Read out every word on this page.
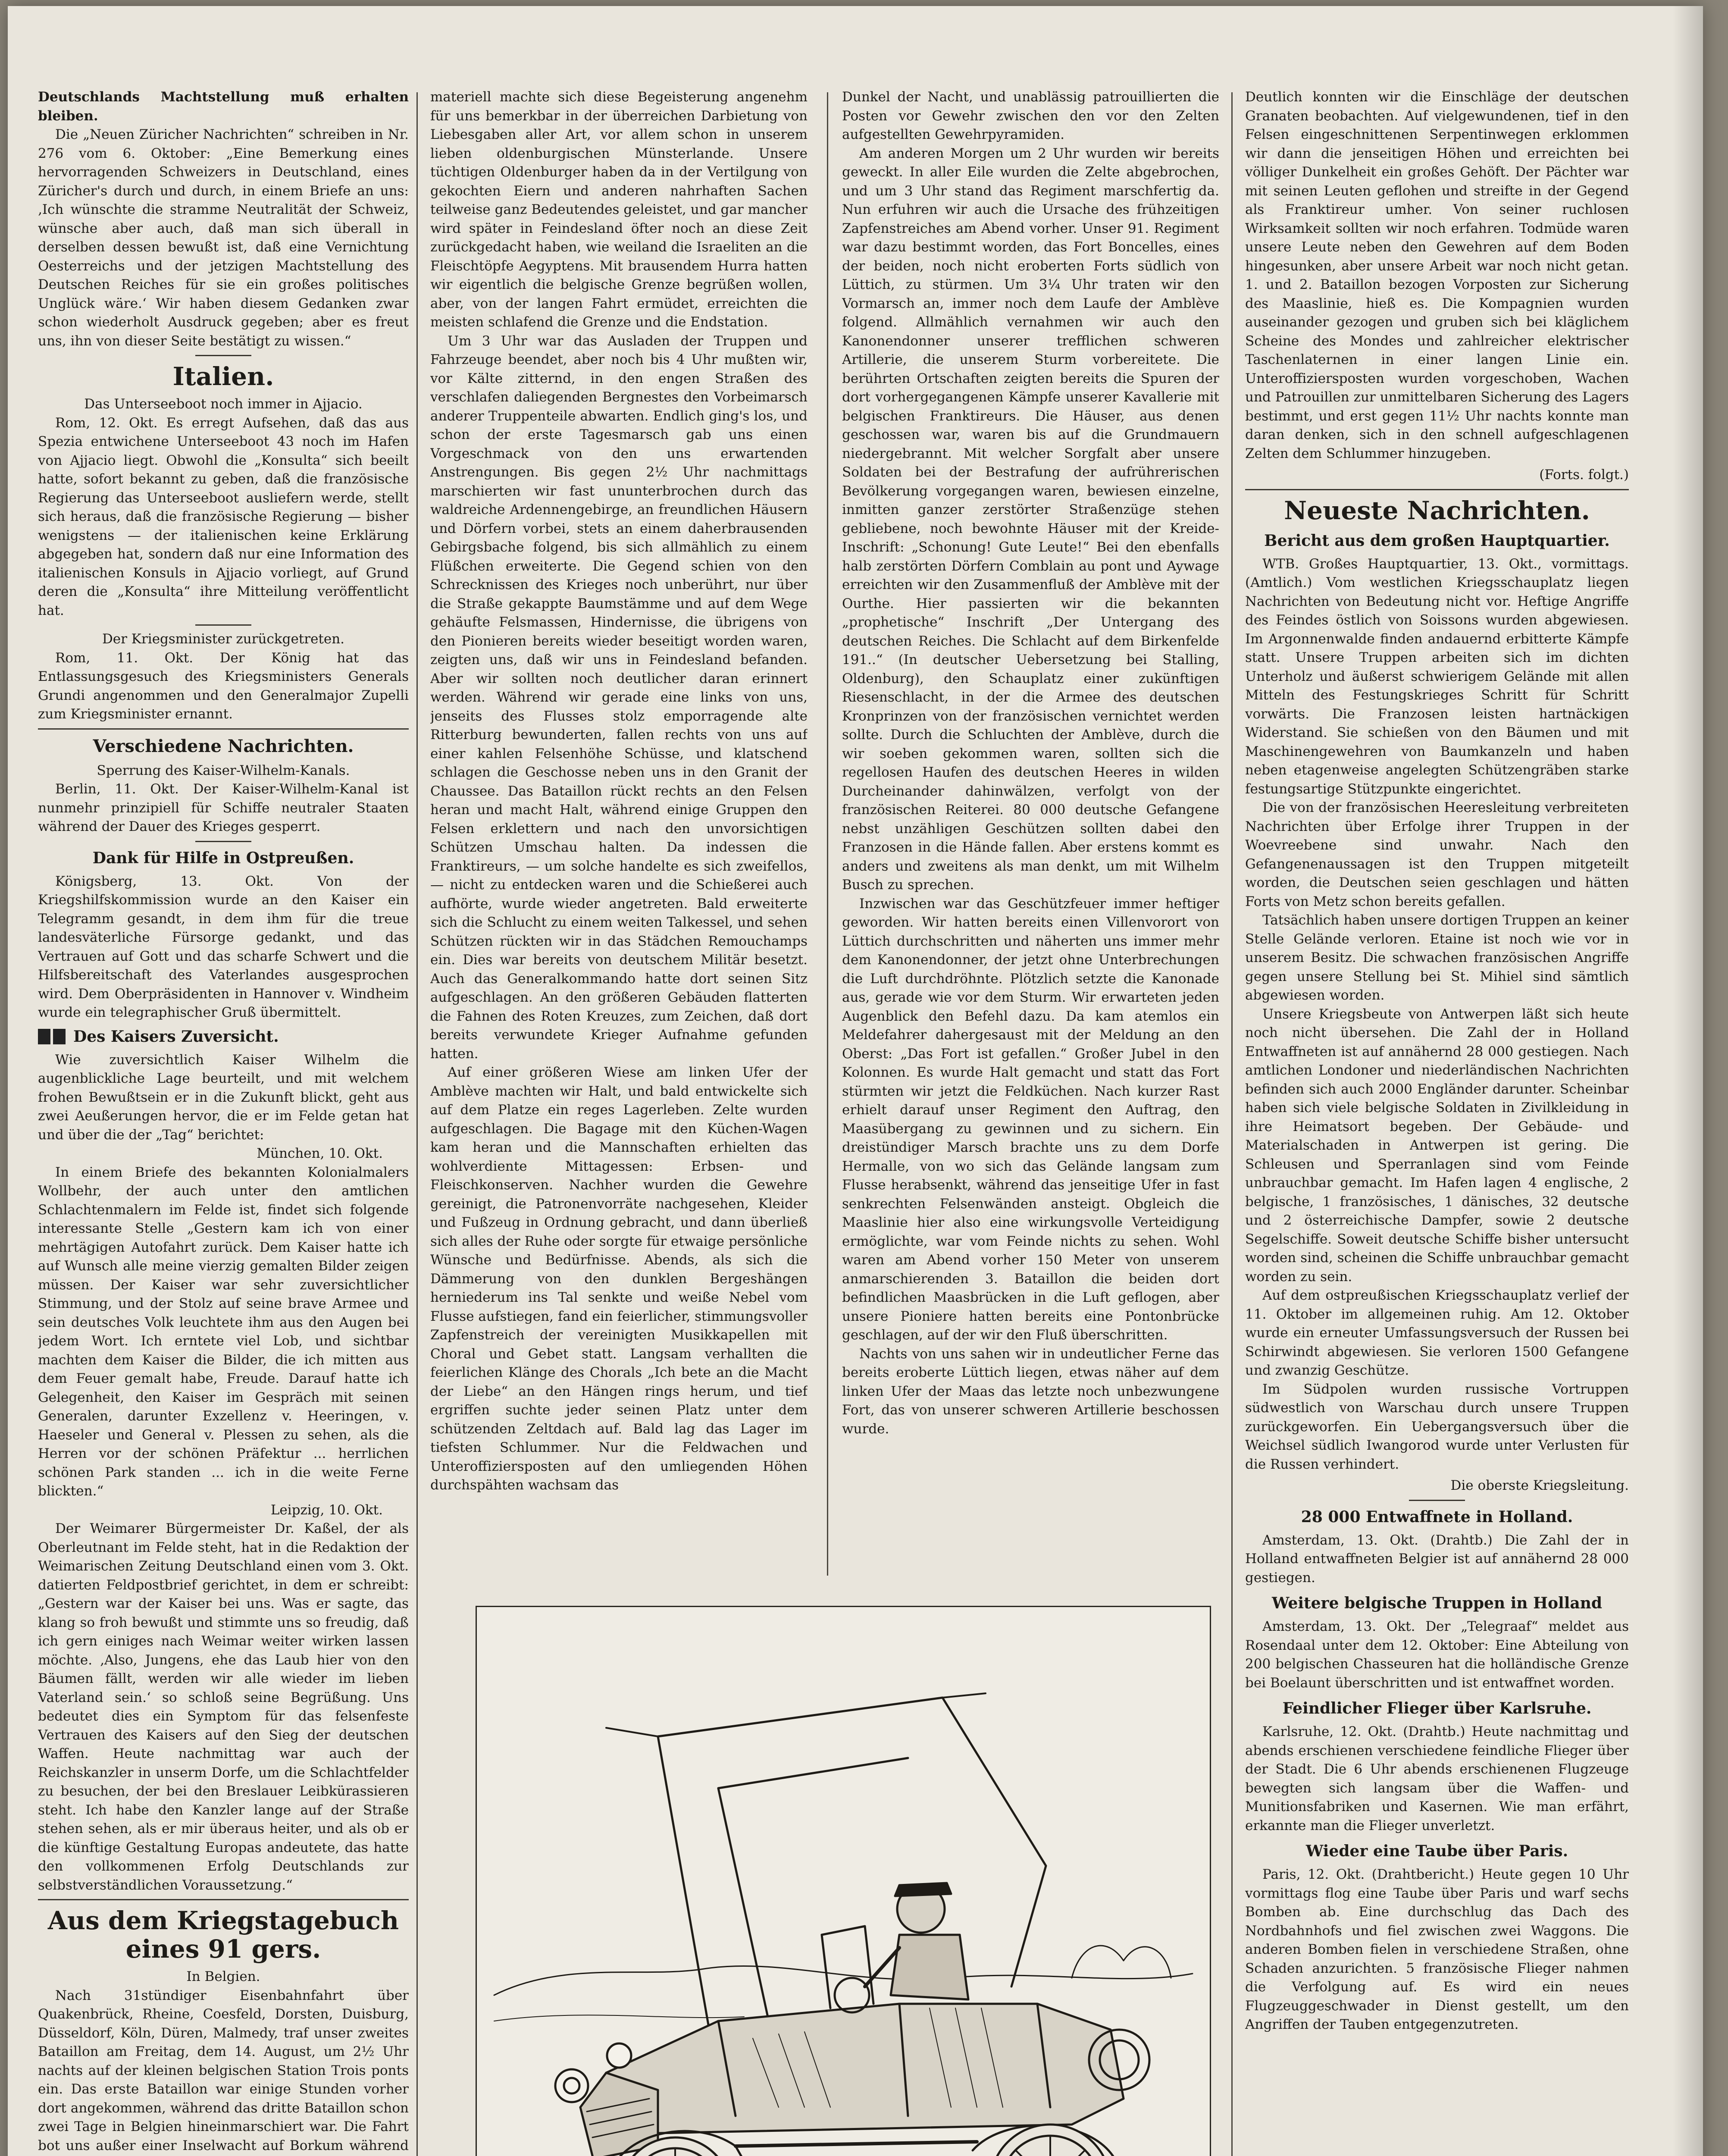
Deutschlands Machtstellung muß erhalten bleiben.

Die „Neuen Züricher Nachrichten“ schreiben in Nr. 276 vom 6. Oktober: „Eine Bemerkung eines hervorragenden Schweizers in Deutschland, eines Züricher's durch und durch, in einem Briefe an uns: ‚Ich wünschte die stramme Neutralität der Schweiz, wünsche aber auch, daß man sich überall in derselben dessen bewußt ist, daß eine Vernichtung Oesterreichs und der jetzigen Machtstellung des Deutschen Reiches für sie ein großes politisches Unglück wäre.‘ Wir haben diesem Gedanken zwar schon wiederholt Ausdruck gegeben; aber es freut uns, ihn von dieser Seite bestätigt zu wissen.“

Italien.

Das Unterseeboot noch immer in Ajjacio.

Rom, 12. Okt. Es erregt Aufsehen, daß das aus Spezia entwichene Unterseeboot 43 noch im Hafen von Ajjacio liegt. Obwohl die „Konsulta“ sich beeilt hatte, sofort bekannt zu geben, daß die französische Regierung das Unterseeboot ausliefern werde, stellt sich heraus, daß die französische Regierung — bisher wenigstens — der italienischen keine Erklärung abgegeben hat, sondern daß nur eine Information des italienischen Konsuls in Ajjacio vorliegt, auf Grund deren die „Konsulta“ ihre Mitteilung veröffentlicht hat.

Der Kriegsminister zurückgetreten.

Rom, 11. Okt. Der König hat das Entlassungsgesuch des Kriegsministers Generals Grundi angenommen und den Generalmajor Zupelli zum Kriegsminister ernannt.

Verschiedene Nachrichten.

Sperrung des Kaiser-Wilhelm-Kanals.

Berlin, 11. Okt. Der Kaiser-Wilhelm-Kanal ist nunmehr prinzipiell für Schiffe neutraler Staaten während der Dauer des Krieges gesperrt.

Dank für Hilfe in Ostpreußen.

Königsberg, 13. Okt. Von der Kriegshilfskommission wurde an den Kaiser ein Telegramm gesandt, in dem ihm für die treue landesväterliche Fürsorge gedankt, und das Vertrauen auf Gott und das scharfe Schwert und die Hilfsbereitschaft des Vaterlandes ausgesprochen wird. Dem Oberpräsidenten in Hannover v. Windheim wurde ein telegraphischer Gruß übermittelt.

Des Kaisers Zuversicht.

Wie zuversichtlich Kaiser Wilhelm die augenblickliche Lage beurteilt, und mit welchem frohen Bewußtsein er in die Zukunft blickt, geht aus zwei Aeußerungen hervor, die er im Felde getan hat und über die der „Tag“ berichtet:

München, 10. Okt.

In einem Briefe des bekannten Kolonialmalers Wollbehr, der auch unter den amtlichen Schlachtenmalern im Felde ist, findet sich folgende interessante Stelle „Gestern kam ich von einer mehrtägigen Autofahrt zurück. Dem Kaiser hatte ich auf Wunsch alle meine vierzig gemalten Bilder zeigen müssen. Der Kaiser war sehr zuversichtlicher Stimmung, und der Stolz auf seine brave Armee und sein deutsches Volk leuchtete ihm aus den Augen bei jedem Wort. Ich erntete viel Lob, und sichtbar machten dem Kaiser die Bilder, die ich mitten aus dem Feuer gemalt habe, Freude. Darauf hatte ich Gelegenheit, den Kaiser im Gespräch mit seinen Generalen, darunter Exzellenz v. Heeringen, v. Haeseler und General v. Plessen zu sehen, als die Herren vor der schönen Präfektur ... herrlichen schönen Park standen ... ich in die weite Ferne blickten.“

Leipzig, 10. Okt.

Der Weimarer Bürgermeister Dr. Kaßel, der als Oberleutnant im Felde steht, hat in die Redaktion der Weimarischen Zeitung Deutschland einen vom 3. Okt. datierten Feldpostbrief gerichtet, in dem er schreibt: „Gestern war der Kaiser bei uns. Was er sagte, das klang so froh bewußt und stimmte uns so freudig, daß ich gern einiges nach Weimar weiter wirken lassen möchte. ‚Also, Jungens, ehe das Laub hier von den Bäumen fällt, werden wir alle wieder im lieben Vaterland sein.‘ so schloß seine Begrüßung. Uns bedeutet dies ein Symptom für das felsenfeste Vertrauen des Kaisers auf den Sieg der deutschen Waffen. Heute nachmittag war auch der Reichskanzler in unserm Dorfe, um die Schlachtfelder zu besuchen, der bei den Breslauer Leibkürassieren steht. Ich habe den Kanzler lange auf der Straße stehen sehen, als er mir überaus heiter, und als ob er die künftige Gestaltung Europas andeutete, das hatte den vollkommenen Erfolg Deutschlands zur selbstverständlichen Voraussetzung.“

Aus dem Kriegstagebuch
eines 91 gers.

In Belgien.

Nach 31stündiger Eisenbahnfahrt über Quakenbrück, Rheine, Coesfeld, Dorsten, Duisburg, Düsseldorf, Köln, Düren, Malmedy, traf unser zweites Bataillon am Freitag, dem 14. August, um 2½ Uhr nachts auf der kleinen belgischen Station Trois ponts ein. Das erste Bataillon war einige Stunden vorher dort angekommen, während das dritte Bataillon schon zwei Tage in Belgien hineinmarschiert war. Die Fahrt bot uns außer einer Inselwacht auf Borkum während

materiell machte sich diese Begeisterung angenehm für uns bemerkbar in der überreichen Darbietung von Liebesgaben aller Art, vor allem schon in unserem lieben oldenburgischen Münsterlande. Unsere tüchtigen Oldenburger haben da in der Vertilgung von gekochten Eiern und anderen nahrhaften Sachen teilweise ganz Bedeutendes geleistet, und gar mancher wird später in Feindesland öfter noch an diese Zeit zurückgedacht haben, wie weiland die Israeliten an die Fleischtöpfe Aegyptens. Mit brausendem Hurra hatten wir eigentlich die belgische Grenze begrüßen wollen, aber, von der langen Fahrt ermüdet, erreichten die meisten schlafend die Grenze und die Endstation.

Um 3 Uhr war das Ausladen der Truppen und Fahrzeuge beendet, aber noch bis 4 Uhr mußten wir, vor Kälte zitternd, in den engen Straßen des verschlafen daliegenden Bergnestes den Vorbeimarsch anderer Truppenteile abwarten. Endlich ging's los, und schon der erste Tagesmarsch gab uns einen Vorgeschmack von den uns erwartenden Anstrengungen. Bis gegen 2½ Uhr nachmittags marschierten wir fast ununterbrochen durch das waldreiche Ardennengebirge, an freundlichen Häusern und Dörfern vorbei, stets an einem daherbrausenden Gebirgsbache folgend, bis sich allmählich zu einem Flüßchen erweiterte. Die Gegend schien von den Schrecknissen des Krieges noch unberührt, nur über die Straße gekappte Baumstämme und auf dem Wege gehäufte Felsmassen, Hindernisse, die übrigens von den Pionieren bereits wieder beseitigt worden waren, zeigten uns, daß wir uns in Feindesland befanden. Aber wir sollten noch deutlicher daran erinnert werden. Während wir gerade eine links von uns, jenseits des Flusses stolz emporragende alte Ritterburg bewunderten, fallen rechts von uns auf einer kahlen Felsenhöhe Schüsse, und klatschend schlagen die Geschosse neben uns in den Granit der Chaussee. Das Bataillon rückt rechts an den Felsen heran und macht Halt, während einige Gruppen den Felsen erklettern und nach den unvorsichtigen Schützen Umschau halten. Da indessen die Franktireurs, — um solche handelte es sich zweifellos, — nicht zu entdecken waren und die Schießerei auch aufhörte, wurde wieder angetreten. Bald erweiterte sich die Schlucht zu einem weiten Talkessel, und sehen Schützen rückten wir in das Städchen Remouchamps ein. Dies war bereits von deutschem Militär besetzt. Auch das Generalkommando hatte dort seinen Sitz aufgeschlagen. An den größeren Gebäuden flatterten die Fahnen des Roten Kreuzes, zum Zeichen, daß dort bereits verwundete Krieger Aufnahme gefunden hatten.

Auf einer größeren Wiese am linken Ufer der Amblève machten wir Halt, und bald entwickelte sich auf dem Platze ein reges Lagerleben. Zelte wurden aufgeschlagen. Die Bagage mit den Küchen-Wagen kam heran und die Mannschaften erhielten das wohlverdiente Mittagessen: Erbsen- und Fleischkonserven. Nachher wurden die Gewehre gereinigt, die Patronenvorräte nachgesehen, Kleider und Fußzeug in Ordnung gebracht, und dann überließ sich alles der Ruhe oder sorgte für etwaige persönliche Wünsche und Bedürfnisse. Abends, als sich die Dämmerung von den dunklen Bergeshängen herniederum ins Tal senkte und weiße Nebel vom Flusse aufstiegen, fand ein feierlicher, stimmungsvoller Zapfenstreich der vereinigten Musikkapellen mit Choral und Gebet statt. Langsam verhallten die feierlichen Klänge des Chorals „Ich bete an die Macht der Liebe“ an den Hängen rings herum, und tief ergriffen suchte jeder seinen Platz unter dem schützenden Zeltdach auf. Bald lag das Lager im tiefsten Schlummer. Nur die Feldwachen und Unteroffiziersposten auf den umliegenden Höhen durchspähten wachsam das

Dunkel der Nacht, und unablässig patrouillierten die Posten vor Gewehr zwischen den vor den Zelten aufgestellten Gewehrpyramiden.

Am anderen Morgen um 2 Uhr wurden wir bereits geweckt. In aller Eile wurden die Zelte abgebrochen, und um 3 Uhr stand das Regiment marschfertig da. Nun erfuhren wir auch die Ursache des frühzeitigen Zapfenstreiches am Abend vorher. Unser 91. Regiment war dazu bestimmt worden, das Fort Boncelles, eines der beiden, noch nicht eroberten Forts südlich von Lüttich, zu stürmen. Um 3¼ Uhr traten wir den Vormarsch an, immer noch dem Laufe der Amblève folgend. Allmählich vernahmen wir auch den Kanonendonner unserer trefflichen schweren Artillerie, die unserem Sturm vorbereitete. Die berührten Ortschaften zeigten bereits die Spuren der dort vorhergegangenen Kämpfe unserer Kavallerie mit belgischen Franktireurs. Die Häuser, aus denen geschossen war, waren bis auf die Grundmauern niedergebrannt. Mit welcher Sorgfalt aber unsere Soldaten bei der Bestrafung der aufrührerischen Bevölkerung vorgegangen waren, bewiesen einzelne, inmitten ganzer zerstörter Straßenzüge stehen gebliebene, noch bewohnte Häuser mit der Kreide-Inschrift: „Schonung! Gute Leute!“ Bei den ebenfalls halb zerstörten Dörfern Comblain au pont und Aywage erreichten wir den Zusammenfluß der Amblève mit der Ourthe. Hier passierten wir die bekannten „prophetische“ Inschrift „Der Untergang des deutschen Reiches. Die Schlacht auf dem Birkenfelde 191..“ (In deutscher Uebersetzung bei Stalling, Oldenburg), den Schauplatz einer zukünftigen Riesenschlacht, in der die Armee des deutschen Kronprinzen von der französischen vernichtet werden sollte. Durch die Schluchten der Amblève, durch die wir soeben gekommen waren, sollten sich die regellosen Haufen des deutschen Heeres in wilden Durcheinander dahinwälzen, verfolgt von der französischen Reiterei. 80 000 deutsche Gefangene nebst unzähligen Geschützen sollten dabei den Franzosen in die Hände fallen. Aber erstens kommt es anders und zweitens als man denkt, um mit Wilhelm Busch zu sprechen.

Inzwischen war das Geschützfeuer immer heftiger geworden. Wir hatten bereits einen Villenvorort von Lüttich durchschritten und näherten uns immer mehr dem Kanonendonner, der jetzt ohne Unterbrechungen die Luft durchdröhnte. Plötzlich setzte die Kanonade aus, gerade wie vor dem Sturm. Wir erwarteten jeden Augenblick den Befehl dazu. Da kam atemlos ein Meldefahrer dahergesaust mit der Meldung an den Oberst: „Das Fort ist gefallen.“ Großer Jubel in den Kolonnen. Es wurde Halt gemacht und statt das Fort stürmten wir jetzt die Feldküchen. Nach kurzer Rast erhielt darauf unser Regiment den Auftrag, den Maasübergang zu gewinnen und zu sichern. Ein dreistündiger Marsch brachte uns zu dem Dorfe Hermalle, von wo sich das Gelände langsam zum Flusse herabsenkt, während das jenseitige Ufer in fast senkrechten Felsenwänden ansteigt. Obgleich die Maaslinie hier also eine wirkungsvolle Verteidigung ermöglichte, war vom Feinde nichts zu sehen. Wohl waren am Abend vorher 150 Meter von unserem anmarschierenden 3. Bataillon die beiden dort befindlichen Maasbrücken in die Luft geflogen, aber unsere Pioniere hatten bereits eine Pontonbrücke geschlagen, auf der wir den Fluß überschritten.

Nachts von uns sahen wir in undeutlicher Ferne das bereits eroberte Lüttich liegen, etwas näher auf dem linken Ufer der Maas das letzte noch unbezwungene Fort, das von unserer schweren Artillerie beschossen wurde.

Deutlich konnten wir die Einschläge der deutschen Granaten beobachten. Auf vielgewundenen, tief in den Felsen eingeschnittenen Serpentinwegen erklommen wir dann die jenseitigen Höhen und erreichten bei völliger Dunkelheit ein großes Gehöft. Der Pächter war mit seinen Leuten geflohen und streifte in der Gegend als Franktireur umher. Von seiner ruchlosen Wirksamkeit sollten wir noch erfahren. Todmüde waren unsere Leute neben den Gewehren auf dem Boden hingesunken, aber unsere Arbeit war noch nicht getan. 1. und 2. Bataillon bezogen Vorposten zur Sicherung des Maaslinie, hieß es. Die Kompagnien wurden auseinander gezogen und gruben sich bei kläglichem Scheine des Mondes und zahlreicher elektrischer Taschenlaternen in einer langen Linie ein. Unteroffiziersposten wurden vorgeschoben, Wachen und Patrouillen zur unmittelbaren Sicherung des Lagers bestimmt, und erst gegen 11½ Uhr nachts konnte man daran denken, sich in den schnell aufgeschlagenen Zelten dem Schlummer hinzugeben.

(Forts. folgt.)

Neueste Nachrichten.
Bericht aus dem großen Hauptquartier.

WTB. Großes Hauptquartier, 13. Okt., vormittags. (Amtlich.) Vom westlichen Kriegsschauplatz liegen Nachrichten von Bedeutung nicht vor. Heftige Angriffe des Feindes östlich von Soissons wurden abgewiesen. Im Argonnenwalde finden andauernd erbitterte Kämpfe statt. Unsere Truppen arbeiten sich im dichten Unterholz und äußerst schwierigem Gelände mit allen Mitteln des Festungskrieges Schritt für Schritt vorwärts. Die Franzosen leisten hartnäckigen Widerstand. Sie schießen von den Bäumen und mit Maschinengewehren von Baumkanzeln und haben neben etagenweise angelegten Schützengräben starke festungsartige Stützpunkte eingerichtet.

Die von der französischen Heeresleitung verbreiteten Nachrichten über Erfolge ihrer Truppen in der Woevreebene sind unwahr. Nach den Gefangenenaussagen ist den Truppen mitgeteilt worden, die Deutschen seien geschlagen und hätten Forts von Metz schon bereits gefallen.

Tatsächlich haben unsere dortigen Truppen an keiner Stelle Gelände verloren. Etaine ist noch wie vor in unserem Besitz. Die schwachen französischen Angriffe gegen unsere Stellung bei St. Mihiel sind sämtlich abgewiesen worden.

Unsere Kriegsbeute von Antwerpen läßt sich heute noch nicht übersehen. Die Zahl der in Holland Entwaffneten ist auf annähernd 28 000 gestiegen. Nach amtlichen Londoner und niederländischen Nachrichten befinden sich auch 2000 Engländer darunter. Scheinbar haben sich viele belgische Soldaten in Zivilkleidung in ihre Heimatsort begeben. Der Gebäude- und Materialschaden in Antwerpen ist gering. Die Schleusen und Sperranlagen sind vom Feinde unbrauchbar gemacht. Im Hafen lagen 4 englische, 2 belgische, 1 französisches, 1 dänisches, 32 deutsche und 2 österreichische Dampfer, sowie 2 deutsche Segelschiffe. Soweit deutsche Schiffe bisher untersucht worden sind, scheinen die Schiffe unbrauchbar gemacht worden zu sein.

Auf dem ostpreußischen Kriegsschauplatz verlief der 11. Oktober im allgemeinen ruhig. Am 12. Oktober wurde ein erneuter Umfassungsversuch der Russen bei Schirwindt abgewiesen. Sie verloren 1500 Gefangene und zwanzig Geschütze.

Im Südpolen wurden russische Vortruppen südwestlich von Warschau durch unsere Truppen zurückgeworfen. Ein Uebergangsversuch über die Weichsel südlich Iwangorod wurde unter Verlusten für die Russen verhindert.

Die oberste Kriegsleitung.

28 000 Entwaffnete in Holland.

Amsterdam, 13. Okt. (Drahtb.) Die Zahl der in Holland entwaffneten Belgier ist auf annähernd 28 000 gestiegen.

Weitere belgische Truppen in Holland

Amsterdam, 13. Okt. Der „Telegraaf“ meldet aus Rosendaal unter dem 12. Oktober: Eine Abteilung von 200 belgischen Chasseuren hat die holländische Grenze bei Boelaunt überschritten und ist entwaffnet worden.

Feindlicher Flieger über Karlsruhe.

Karlsruhe, 12. Okt. (Drahtb.) Heute nachmittag und abends erschienen verschiedene feindliche Flieger über der Stadt. Die 6 Uhr abends erschienenen Flugzeuge bewegten sich langsam über die Waffen- und Munitionsfabriken und Kasernen. Wie man erfährt, erkannte man die Flieger unverletzt.

Wieder eine Taube über Paris.

Paris, 12. Okt. (Drahtbericht.) Heute gegen 10 Uhr vormittags flog eine Taube über Paris und warf sechs Bomben ab. Eine durchschlug das Dach des Nordbahnhofs und fiel zwischen zwei Waggons. Die anderen Bomben fielen in verschiedene Straßen, ohne Schaden anzurichten. 5 französische Flieger nahmen die Verfolgung auf. Es wird ein neues Flugzeuggeschwader in Dienst gestellt, um den Angriffen der Tauben entgegenzutreten.
